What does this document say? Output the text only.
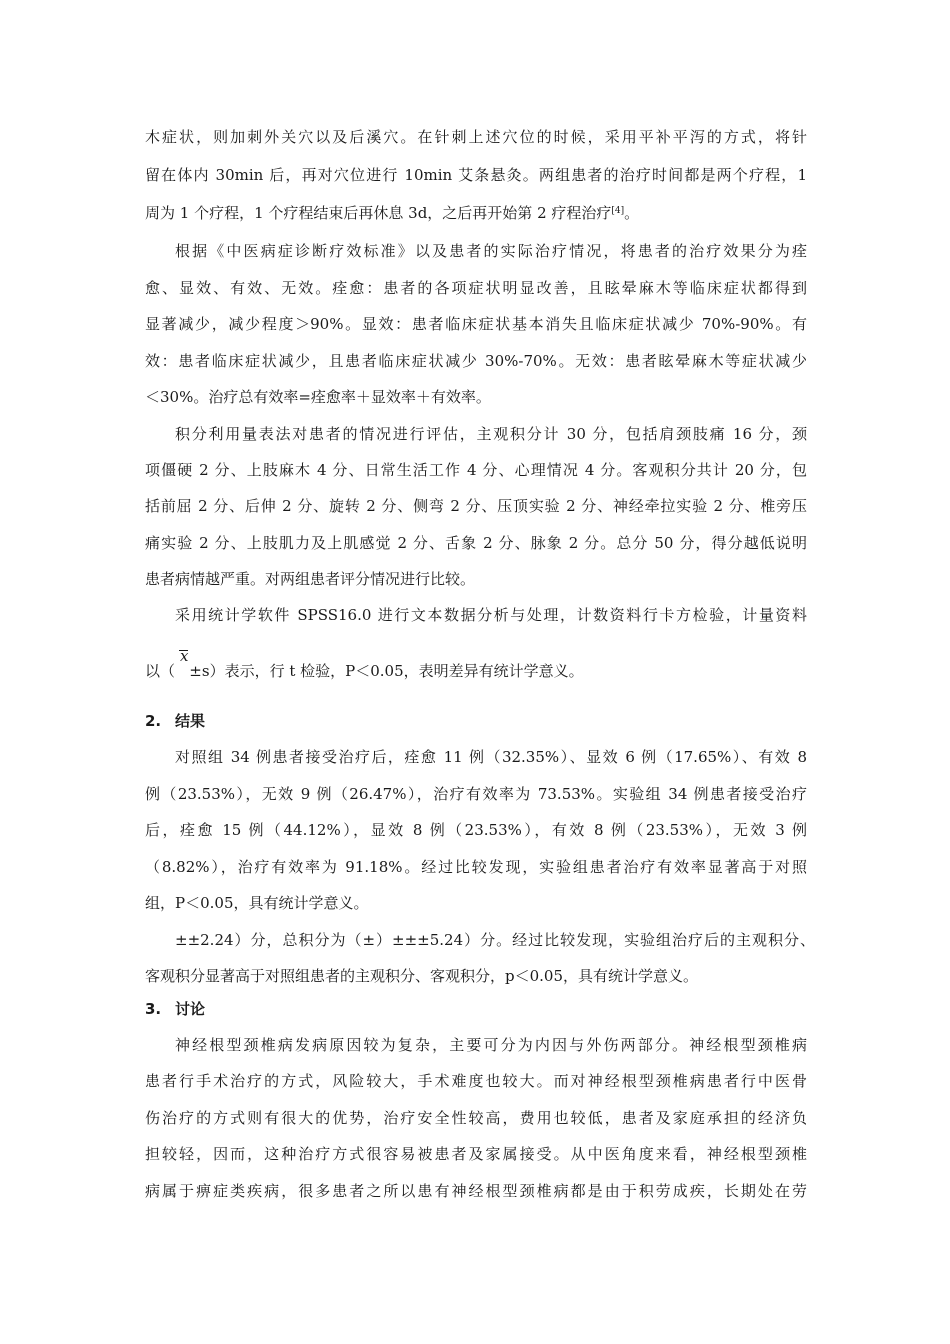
木症状，则加刺外关穴以及后溪穴。在针刺上述穴位的时候，采用平补平泻的方式，将针
留在体内 30min 后，再对穴位进行 10min 艾条悬灸。两组患者的治疗时间都是两个疗程，1
周为 1 个疗程，1 个疗程结束后再休息 3d，之后再开始第 2 疗程治疗[4]。
根据《中医病症诊断疗效标准》以及患者的实际治疗情况，将患者的治疗效果分为痊
愈、显效、有效、无效。痊愈：患者的各项症状明显改善，且眩晕麻木等临床症状都得到
显著减少，减少程度＞90%。显效：患者临床症状基本消失且临床症状减少 70%-90%。有
效：患者临床症状减少，且患者临床症状减少 30%-70%。无效：患者眩晕麻木等症状减少
＜30%。治疗总有效率=痊愈率＋显效率＋有效率。
积分利用量表法对患者的情况进行评估，主观积分计 30 分，包括肩颈肢痛 16 分，颈
项僵硬 2 分、上肢麻木 4 分、日常生活工作 4 分、心理情况 4 分。客观积分共计 20 分，包
括前屈 2 分、后伸 2 分、旋转 2 分、侧弯 2 分、压顶实验 2 分、神经牵拉实验 2 分、椎旁压
痛实验 2 分、上肢肌力及上肌感觉 2 分、舌象 2 分、脉象 2 分。总分 50 分，得分越低说明
患者病情越严重。对两组患者评分情况进行比较。
采用统计学软件 SPSS16.0 进行文本数据分析与处理，计数资料行卡方检验，计量资料
x
以（   ±s）表示，行 t 检验，P＜0.05，表明差异有统计学意义。
2. 结果
对照组 34 例患者接受治疗后，痊愈 11 例（32.35%）、显效 6 例（17.65%）、有效 8
例（23.53%），无效 9 例（26.47%），治疗有效率为 73.53%。实验组 34 例患者接受治疗
后，痊愈 15 例（44.12%），显效 8 例（23.53%），有效 8 例（23.53%），无效 3 例
（8.82%），治疗有效率为 91.18%。经过比较发现，实验组患者治疗有效率显著高于对照
组，P＜0.05，具有统计学意义。
±±2.24）分，总积分为（±）±±±5.24）分。经过比较发现，实验组治疗后的主观积分、
客观积分显著高于对照组患者的主观积分、客观积分，p＜0.05，具有统计学意义。
3. 讨论
神经根型颈椎病发病原因较为复杂，主要可分为内因与外伤两部分。神经根型颈椎病
患者行手术治疗的方式，风险较大，手术难度也较大。而对神经根型颈椎病患者行中医骨
伤治疗的方式则有很大的优势，治疗安全性较高，费用也较低，患者及家庭承担的经济负
担较轻，因而，这种治疗方式很容易被患者及家属接受。从中医角度来看，神经根型颈椎
病属于痹症类疾病，很多患者之所以患有神经根型颈椎病都是由于积劳成疾，长期处在劳
